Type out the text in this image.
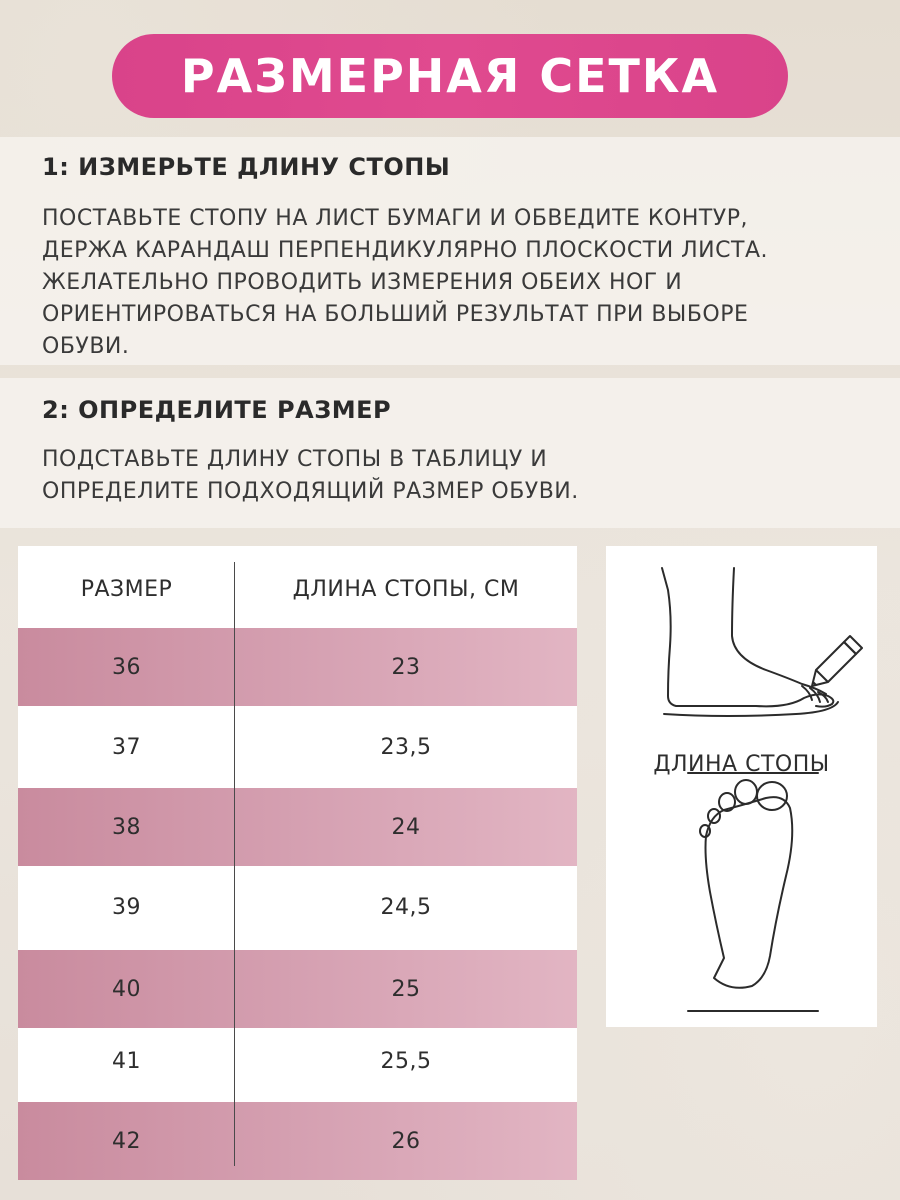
РАЗМЕРНАЯ СЕТКА
1: ИЗМЕРЬТЕ ДЛИНУ СТОПЫ
ПОСТАВЬТЕ СТОПУ НА ЛИСТ БУМАГИ И ОБВЕДИТЕ КОНТУР,
ДЕРЖА КАРАНДАШ ПЕРПЕНДИКУЛЯРНО ПЛОСКОСТИ ЛИСТА.
ЖЕЛАТЕЛЬНО ПРОВОДИТЬ ИЗМЕРЕНИЯ ОБЕИХ НОГ И
ОРИЕНТИРОВАТЬСЯ НА БОЛЬШИЙ РЕЗУЛЬТАТ ПРИ ВЫБОРЕ
ОБУВИ.
2: ОПРЕДЕЛИТЕ РАЗМЕР
ПОДСТАВЬТЕ ДЛИНУ СТОПЫ В ТАБЛИЦУ И
ОПРЕДЕЛИТЕ ПОДХОДЯЩИЙ РАЗМЕР ОБУВИ.
РАЗМЕР	ДЛИНА СТОПЫ, СМ
36	23
37	23,5
38	24
39	24,5
40	25
41	25,5
42	26
ДЛИНА СТОПЫ
